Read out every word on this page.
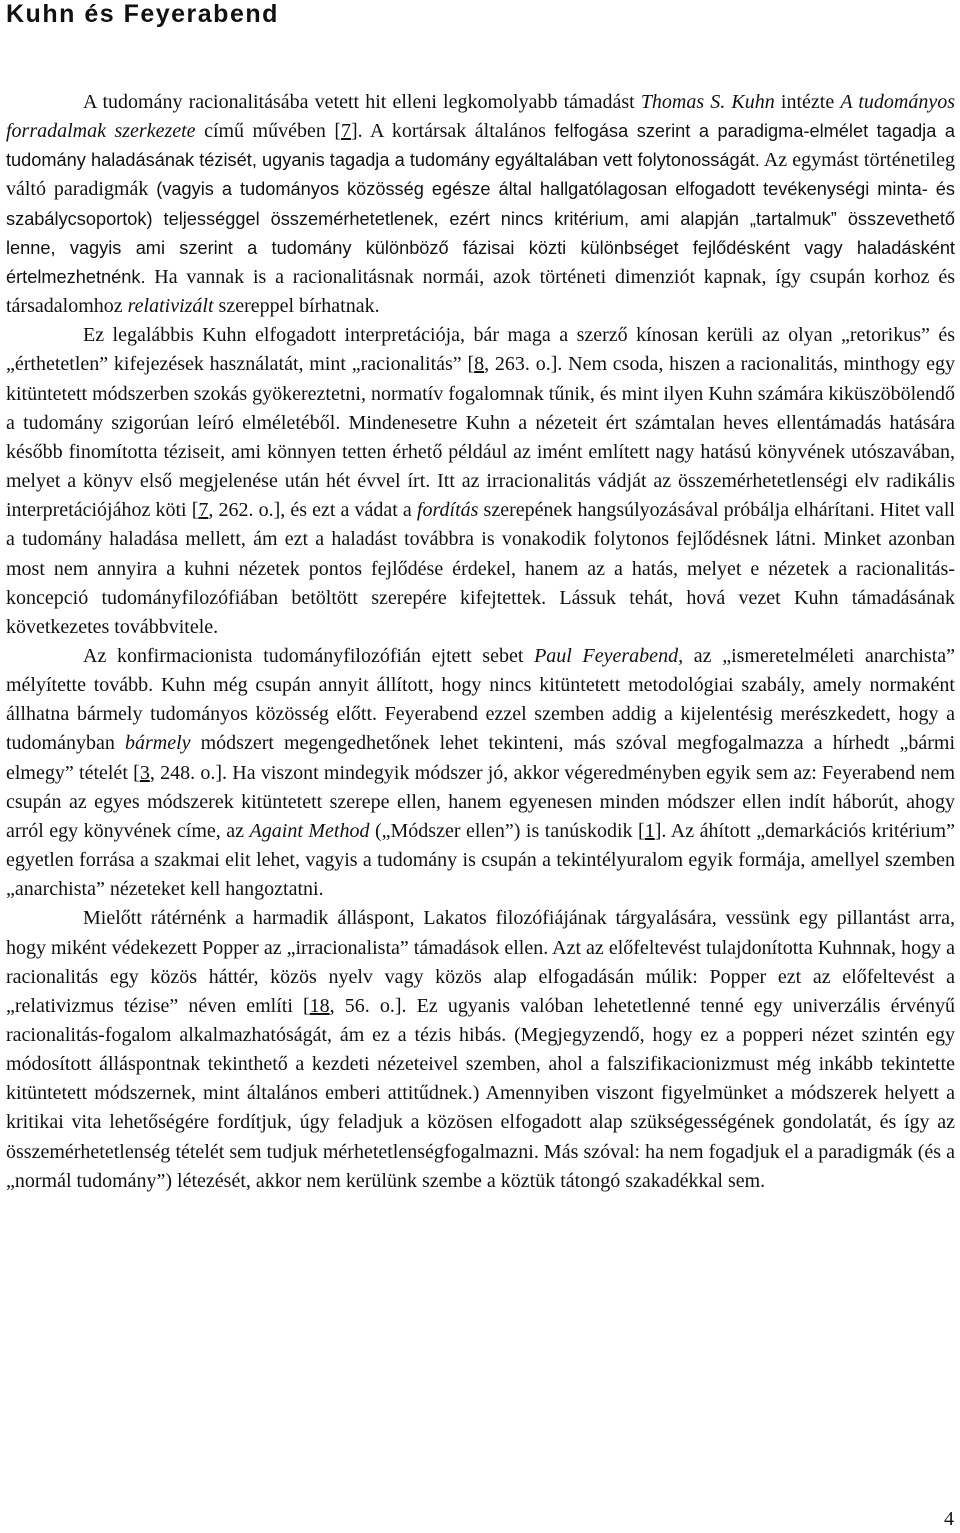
Kuhn és Feyerabend

A tudomány racionalitásába vetett hit elleni legkomolyabb támadást Thomas S. Kuhn intézte A tudományos forradalmak szerkezete című művében [7]. A kortársak általános felfogása szerint a paradigma-elmélet tagadja a tudomány haladásának tézisét, ugyanis tagadja a tudomány egyáltalában vett folytonosságát. Az egymást történetileg váltó paradigmák (vagyis a tudományos közösség egésze által hallgatólagosan elfogadott tevékenységi minta- és szabálycsoportok) teljességgel összemérhetetlenek, ezért nincs kritérium, ami alapján „tartalmuk” összevethető lenne, vagyis ami szerint a tudomány különböző fázisai közti különbséget fejlődésként vagy haladásként értelmezhetnénk. Ha vannak is a racionalitásnak normái, azok történeti dimenziót kapnak, így csupán korhoz és társadalomhoz relativizált szereppel bírhatnak.

Ez legalábbis Kuhn elfogadott interpretációja, bár maga a szerző kínosan kerüli az olyan „retorikus” és „érthetetlen” kifejezések használatát, mint „racionalitás” [8, 263. o.]. Nem csoda, hiszen a racionalitás, minthogy egy kitüntetett módszerben szokás gyökereztetni, normatív fogalomnak tűnik, és mint ilyen Kuhn számára kiküszöbölendő a tudomány szigorúan leíró elméletéből. Mindenesetre Kuhn a nézeteit ért számtalan heves ellentámadás hatására később finomította téziseit, ami könnyen tetten érhető például az imént említett nagy hatású könyvének utószavában, melyet a könyv első megjelenése után hét évvel írt. Itt az irracionalitás vádját az összemérhetetlenségi elv radikális interpretációjához köti [7, 262. o.], és ezt a vádat a fordítás szerepének hangsúlyozásával próbálja elhárítani. Hitet vall a tudomány haladása mellett, ám ezt a haladást továbbra is vonakodik folytonos fejlődésnek látni. Minket azonban most nem annyira a kuhni nézetek pontos fejlődése érdekel, hanem az a hatás, melyet e nézetek a racionalitás-koncepció tudományfilozófiában betöltött szerepére kifejtettek. Lássuk tehát, hová vezet Kuhn támadásának következetes továbbvitele.

Az konfirmacionista tudományfilozófián ejtett sebet Paul Feyerabend, az „ismeretelméleti anarchista” mélyítette tovább. Kuhn még csupán annyit állított, hogy nincs kitüntetett metodológiai szabály, amely normaként állhatna bármely tudományos közösség előtt. Feyerabend ezzel szemben addig a kijelentésig merészkedett, hogy a tudományban bármely módszert megengedhetőnek lehet tekinteni, más szóval megfogalmazza a hírhedt „bármi elmegy” tételét [3, 248. o.]. Ha viszont mindegyik módszer jó, akkor végeredményben egyik sem az: Feyerabend nem csupán az egyes módszerek kitüntetett szerepe ellen, hanem egyenesen minden módszer ellen indít háborút, ahogy arról egy könyvének címe, az Againt Method („Módszer ellen”) is tanúskodik [1]. Az áhított „demarkációs kritérium” egyetlen forrása a szakmai elit lehet, vagyis a tudomány is csupán a tekintélyuralom egyik formája, amellyel szemben „anarchista” nézeteket kell hangoztatni.

Mielőtt rátérnénk a harmadik álláspont, Lakatos filozófiájának tárgyalására, vessünk egy pillantást arra, hogy miként védekezett Popper az „irracionalista” támadások ellen. Azt az előfeltevést tulajdonította Kuhnnak, hogy a racionalitás egy közös háttér, közös nyelv vagy közös alap elfogadásán múlik: Popper ezt az előfeltevést a „relativizmus tézise” néven említi [18, 56. o.]. Ez ugyanis valóban lehetetlenné tenné egy univerzális érvényű racionalitás-fogalom alkalmazhatóságát, ám ez a tézis hibás. (Megjegyzendő, hogy ez a popperi nézet szintén egy módosított álláspontnak tekinthető a kezdeti nézeteivel szemben, ahol a falszifikacionizmust még inkább tekintette kitüntetett módszernek, mint általános emberi attitűdnek.) Amennyiben viszont figyelmünket a módszerek helyett a kritikai vita lehetőségére fordítjuk, úgy feladjuk a közösen elfogadott alap szükségességének gondolatát, és így az összemérhetetlenség tételét sem tudjuk mérhetetlenségfogalmazni. Más szóval: ha nem fogadjuk el a paradigmák (és a „normál tudomány”) létezését, akkor nem kerülünk szembe a köztük tátongó szakadékkal sem.

4
